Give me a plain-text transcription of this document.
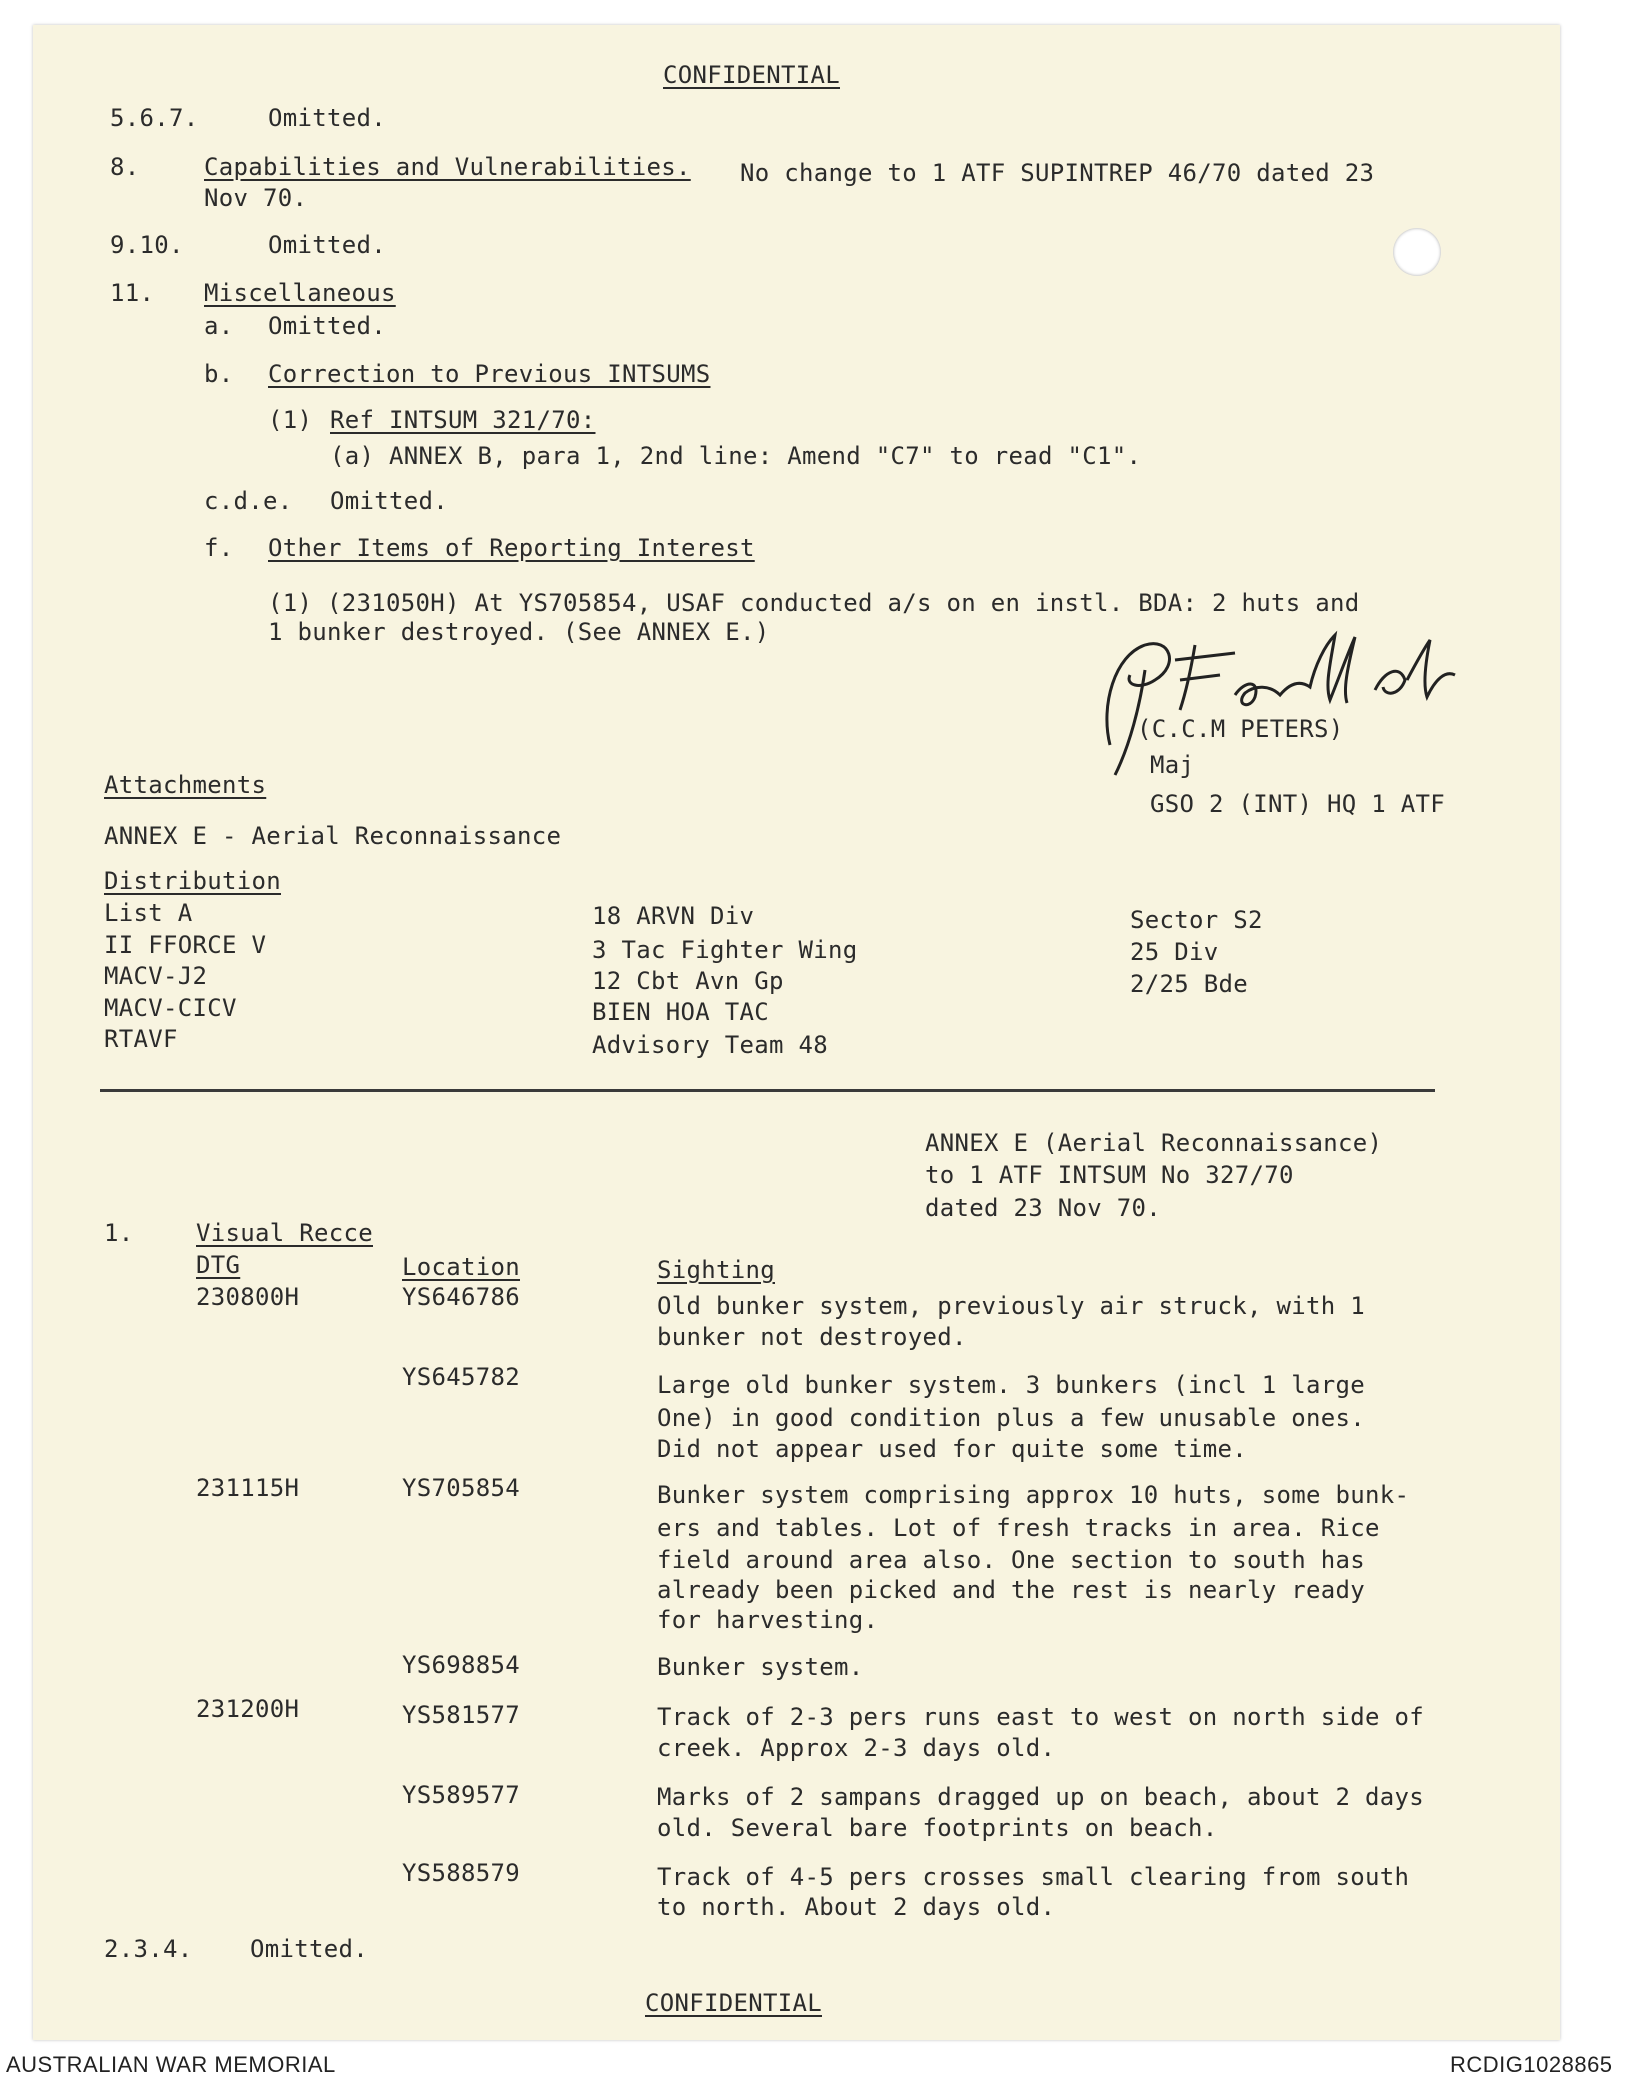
CONFIDENTIAL
5.6.7.	Omitted.
8.	Capabilities and Vulnerabilities. No change to 1 ATF SUPINTREP 46/70 dated 23
Nov 70.
9.10.	Omitted.
11. Miscellaneous
a. Omitted.
b. Correction to Previous INTSUMS
(1) Ref INTSUM 321/70:
(a) ANNEX B, para 1, 2nd line: Amend "C7" to read "C1".
c.d.e. Omitted.
f. Other Items of Reporting Interest
(1) (231050H) At YS705854, USAF conducted a/s on en instl. BDA: 2 huts and
1 bunker destroyed. (See ANNEX E.)
(C.C.M PETERS)
Maj
GSO 2 (INT) HQ 1 ATF
Attachments
ANNEX E - Aerial Reconnaissance
Distribution
List A
II FFORCE V
MACV-J2
MACV-CICV
RTAVF
18 ARVN Div
3 Tac Fighter Wing
12 Cbt Avn Gp
BIEN HOA TAC
Advisory Team 48
Sector S2
25 Div
2/25 Bde
ANNEX E (Aerial Reconnaissance)
to 1 ATF INTSUM No 327/70
dated 23 Nov 70.
1.	Visual Recce
DTG	Location	Sighting
230800H	YS646786	Old bunker system, previously air struck, with 1
bunker not destroyed.
YS645782	Large old bunker system. 3 bunkers (incl 1 large
One) in good condition plus a few unusable ones.
Did not appear used for quite some time.
231115H	YS705854	Bunker system comprising approx 10 huts, some bunk-
ers and tables. Lot of fresh tracks in area. Rice
field around area also. One section to south has
already been picked and the rest is nearly ready
for harvesting.
YS698854	Bunker system.
231200H	YS581577	Track of 2-3 pers runs east to west on north side of
creek. Approx 2-3 days old.
YS589577	Marks of 2 sampans dragged up on beach, about 2 days
old. Several bare footprints on beach.
YS588579	Track of 4-5 pers crosses small clearing from south
to north. About 2 days old.
2.3.4. Omitted.
CONFIDENTIAL
AUSTRALIAN WAR MEMORIAL	RCDIG1028865
